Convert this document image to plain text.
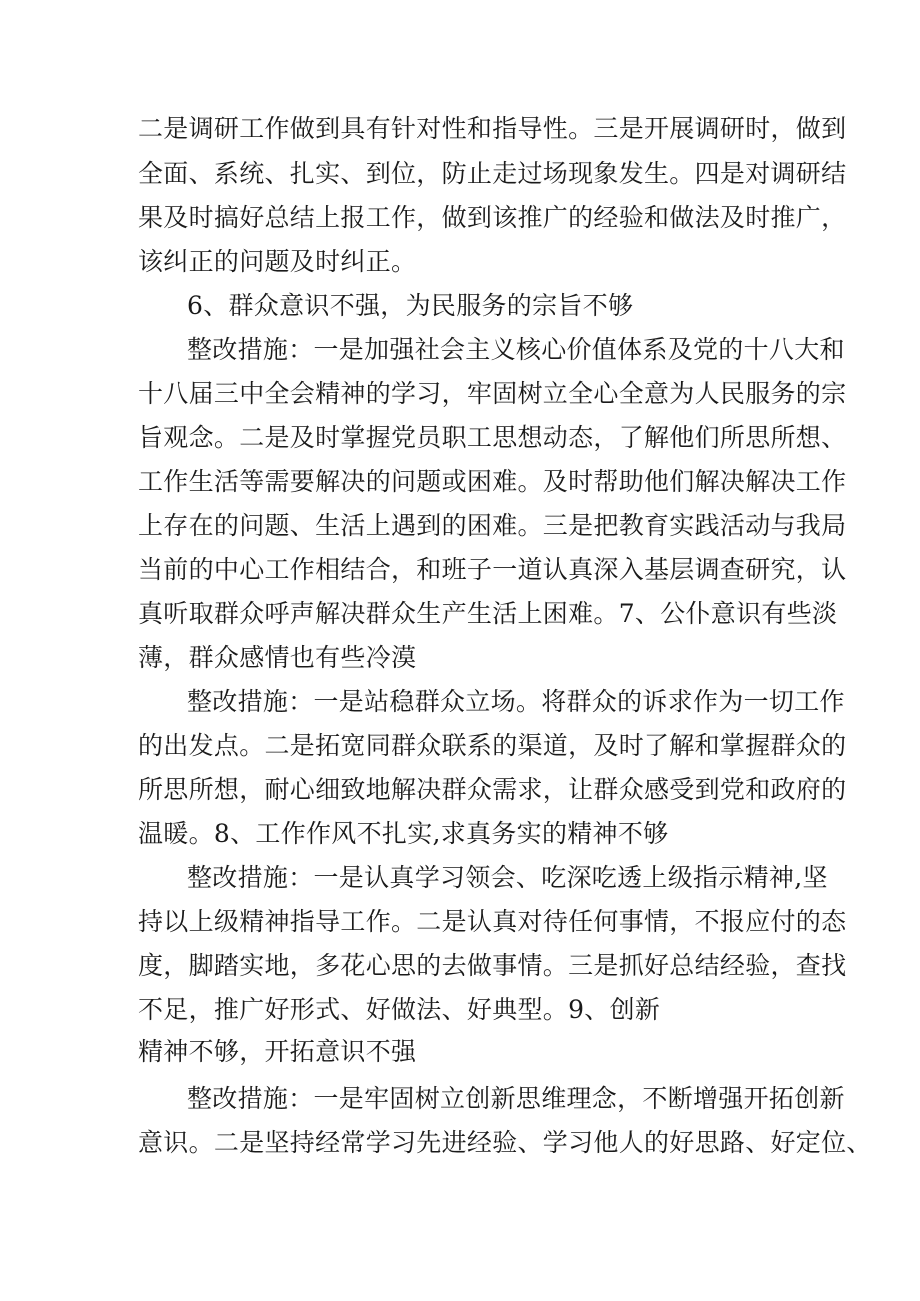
二是调研工作做到具有针对性和指导性。三是开展调研时，做到
全面、系统、扎实、到位，防止走过场现象发生。四是对调研结
果及时搞好总结上报工作，做到该推广的经验和做法及时推广，
该纠正的问题及时纠正。
6、群众意识不强，为民服务的宗旨不够
整改措施：一是加强社会主义核心价值体系及党的十八大和
十八届三中全会精神的学习，牢固树立全心全意为人民服务的宗
旨观念。二是及时掌握党员职工思想动态，了解他们所思所想、
工作生活等需要解决的问题或困难。及时帮助他们解决解决工作
上存在的问题、生活上遇到的困难。三是把教育实践活动与我局
当前的中心工作相结合，和班子一道认真深入基层调查研究，认
真听取群众呼声解决群众生产生活上困难。7、公仆意识有些淡
薄，群众感情也有些冷漠
整改措施：一是站稳群众立场。将群众的诉求作为一切工作
的出发点。二是拓宽同群众联系的渠道，及时了解和掌握群众的
所思所想，耐心细致地解决群众需求，让群众感受到党和政府的
温暖。8、工作作风不扎实,求真务实的精神不够
整改措施：一是认真学习领会、吃深吃透上级指示精神,坚
持以上级精神指导工作。二是认真对待任何事情，不报应付的态
度，脚踏实地，多花心思的去做事情。三是抓好总结经验，查找
不足，推广好形式、好做法、好典型。9、创新
精神不够，开拓意识不强
整改措施：一是牢固树立创新思维理念，不断增强开拓创新
意识。二是坚持经常学习先进经验、学习他人的好思路、好定位、
